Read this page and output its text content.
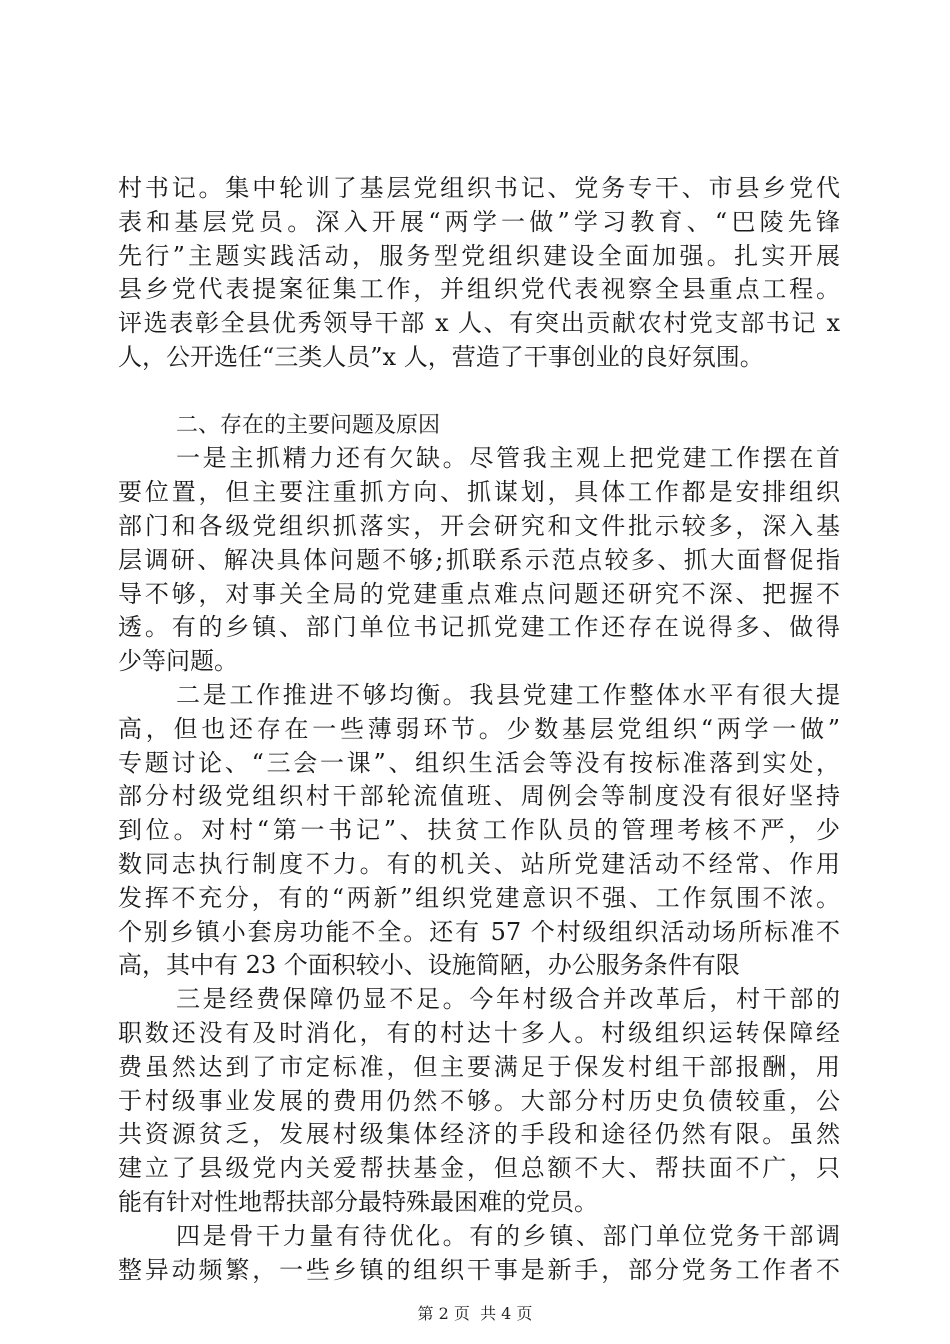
村书记。集中轮训了基层党组织书记、党务专干、市县乡党代
表和基层党员。深入开展“两学一做”学习教育、“巴陵先锋
先行”主题实践活动，服务型党组织建设全面加强。扎实开展
县乡党代表提案征集工作，并组织党代表视察全县重点工程。
评选表彰全县优秀领导干部 x 人、有突出贡献农村党支部书记 x
人，公开选任“三类人员”x 人，营造了干事创业的良好氛围。
二、存在的主要问题及原因
一是主抓精力还有欠缺。尽管我主观上把党建工作摆在首
要位置，但主要注重抓方向、抓谋划，具体工作都是安排组织
部门和各级党组织抓落实，开会研究和文件批示较多，深入基
层调研、解决具体问题不够;抓联系示范点较多、抓大面督促指
导不够，对事关全局的党建重点难点问题还研究不深、把握不
透。有的乡镇、部门单位书记抓党建工作还存在说得多、做得
少等问题。
二是工作推进不够均衡。我县党建工作整体水平有很大提
高，但也还存在一些薄弱环节。少数基层党组织“两学一做”
专题讨论、“三会一课”、组织生活会等没有按标准落到实处，
部分村级党组织村干部轮流值班、周例会等制度没有很好坚持
到位。对村“第一书记”、扶贫工作队员的管理考核不严，少
数同志执行制度不力。有的机关、站所党建活动不经常、作用
发挥不充分，有的“两新”组织党建意识不强、工作氛围不浓。
个别乡镇小套房功能不全。还有 57 个村级组织活动场所标准不
高，其中有 23 个面积较小、设施简陋，办公服务条件有限
三是经费保障仍显不足。今年村级合并改革后，村干部的
职数还没有及时消化，有的村达十多人。村级组织运转保障经
费虽然达到了市定标准，但主要满足于保发村组干部报酬，用
于村级事业发展的费用仍然不够。大部分村历史负债较重，公
共资源贫乏，发展村级集体经济的手段和途径仍然有限。虽然
建立了县级党内关爱帮扶基金，但总额不大、帮扶面不广，只
能有针对性地帮扶部分最特殊最困难的党员。
四是骨干力量有待优化。有的乡镇、部门单位党务干部调
整异动频繁，一些乡镇的组织干事是新手，部分党务工作者不
第 2 页  共 4 页
